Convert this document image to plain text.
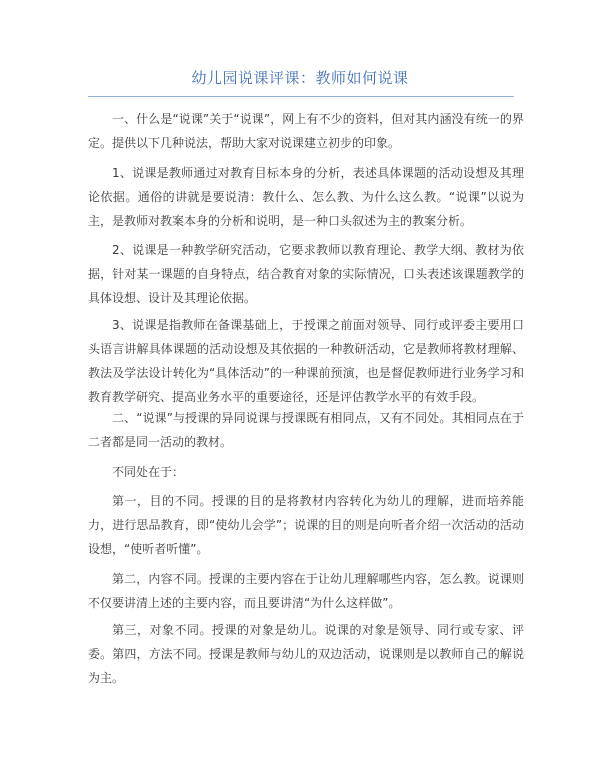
幼儿园说课评课：教师如何说课

一、什么是“说课”关于“说课”，网上有不少的资料，但对其内涵没有统一的界定。提供以下几种说法，帮助大家对说课建立初步的印象。

1、说课是教师通过对教育目标本身的分析，表述具体课题的活动设想及其理论依据。通俗的讲就是要说清：教什么、怎么教、为什么这么教。“说课”以说为主，是教师对教案本身的分析和说明，是一种口头叙述为主的教案分析。

2、说课是一种教学研究活动，它要求教师以教育理论、教学大纲、教材为依据，针对某一课题的自身特点，结合教育对象的实际情况，口头表述该课题教学的具体设想、设计及其理论依据。

3、说课是指教师在备课基础上，于授课之前面对领导、同行或评委主要用口头语言讲解具体课题的活动设想及其依据的一种教研活动，它是教师将教材理解、教法及学法设计转化为“具体活动”的一种课前预演，也是督促教师进行业务学习和教育教学研究、提高业务水平的重要途径，还是评估教学水平的有效手段。

二、“说课”与授课的异同说课与授课既有相同点，又有不同处。其相同点在于二者都是同一活动的教材。

不同处在于：

第一，目的不同。授课的目的是将教材内容转化为幼儿的理解，进而培养能力，进行思品教育，即“使幼儿会学”；说课的目的则是向听者介绍一次活动的活动设想，“使听者听懂”。

第二，内容不同。授课的主要内容在于让幼儿理解哪些内容，怎么教。说课则不仅要讲清上述的主要内容，而且要讲清“为什么这样做”。

第三，对象不同。授课的对象是幼儿。说课的对象是领导、同行或专家、评委。第四，方法不同。授课是教师与幼儿的双边活动，说课则是以教师自己的解说为主。
